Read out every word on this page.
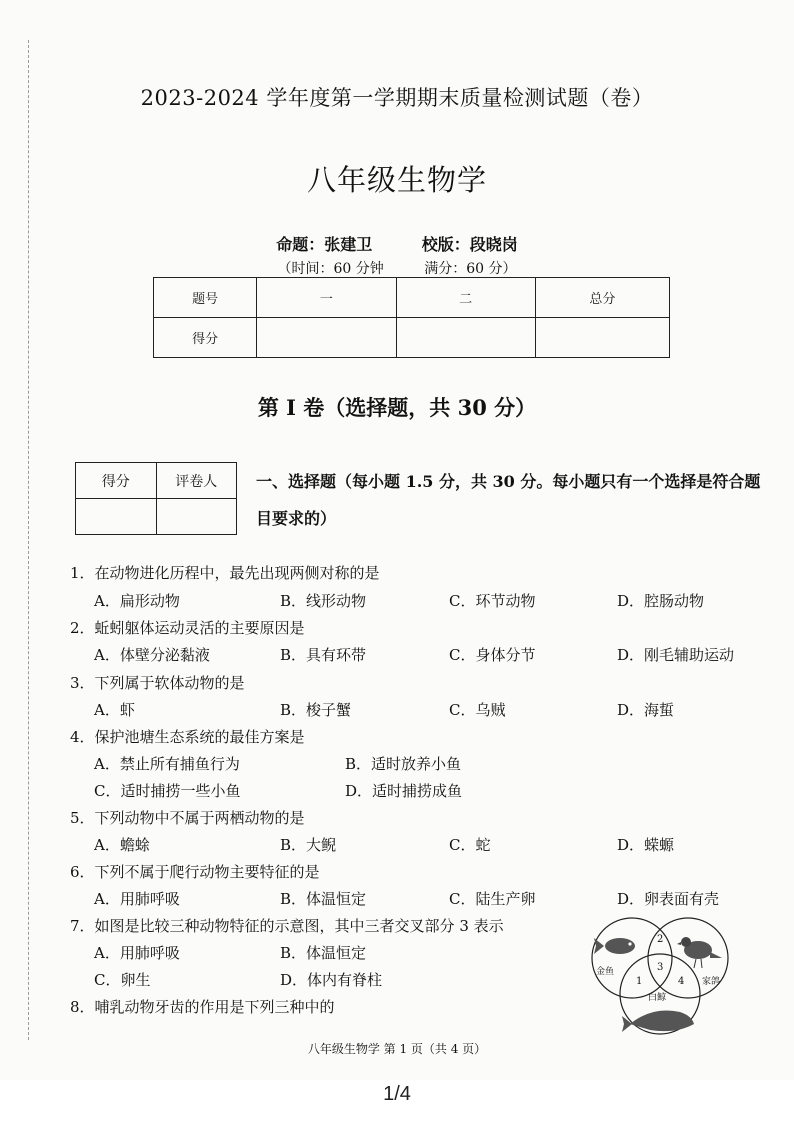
2023-2024 学年度第一学期期末质量检测试题（卷）
八年级生物学
命题：张建卫	校版：段晓岗
（时间：60 分钟	满分：60 分）
题号	一	二	总分
得分			
第 I 卷（选择题，共 30 分）
得分	评卷人
	一、选择题（每小题 1.5 分，共 30 分。每小题只有一个选择是符合题目要求的）
1．在动物进化历程中，最先出现两侧对称的是
A．扁形动物	B．线形动物	C．环节动物	D．腔肠动物
2．蚯蚓躯体运动灵活的主要原因是
A．体壁分泌黏液	B．具有环带	C．身体分节	D．刚毛辅助运动
3．下列属于软体动物的是
A．虾	B．梭子蟹	C．乌贼	D．海蜇
4．保护池塘生态系统的最佳方案是
A．禁止所有捕鱼行为	B．适时放养小鱼
C．适时捕捞一些小鱼	D．适时捕捞成鱼
5．下列动物中不属于两栖动物的是
A．蟾蜍	B．大鲵	C．蛇	D．蝾螈
6．下列不属于爬行动物主要特征的是
A．用肺呼吸	B．体温恒定	C．陆生产卵	D．卵表面有壳
7．如图是比较三种动物特征的示意图，其中三者交叉部分 3 表示
A．用肺呼吸	B．体温恒定
C．卵生	D．体内有脊柱
8．哺乳动物牙齿的作用是下列三种中的
金鱼
家鸽
白鲸
2
3
1	4
八年级生物学 第 1 页（共 4 页）
1/4
